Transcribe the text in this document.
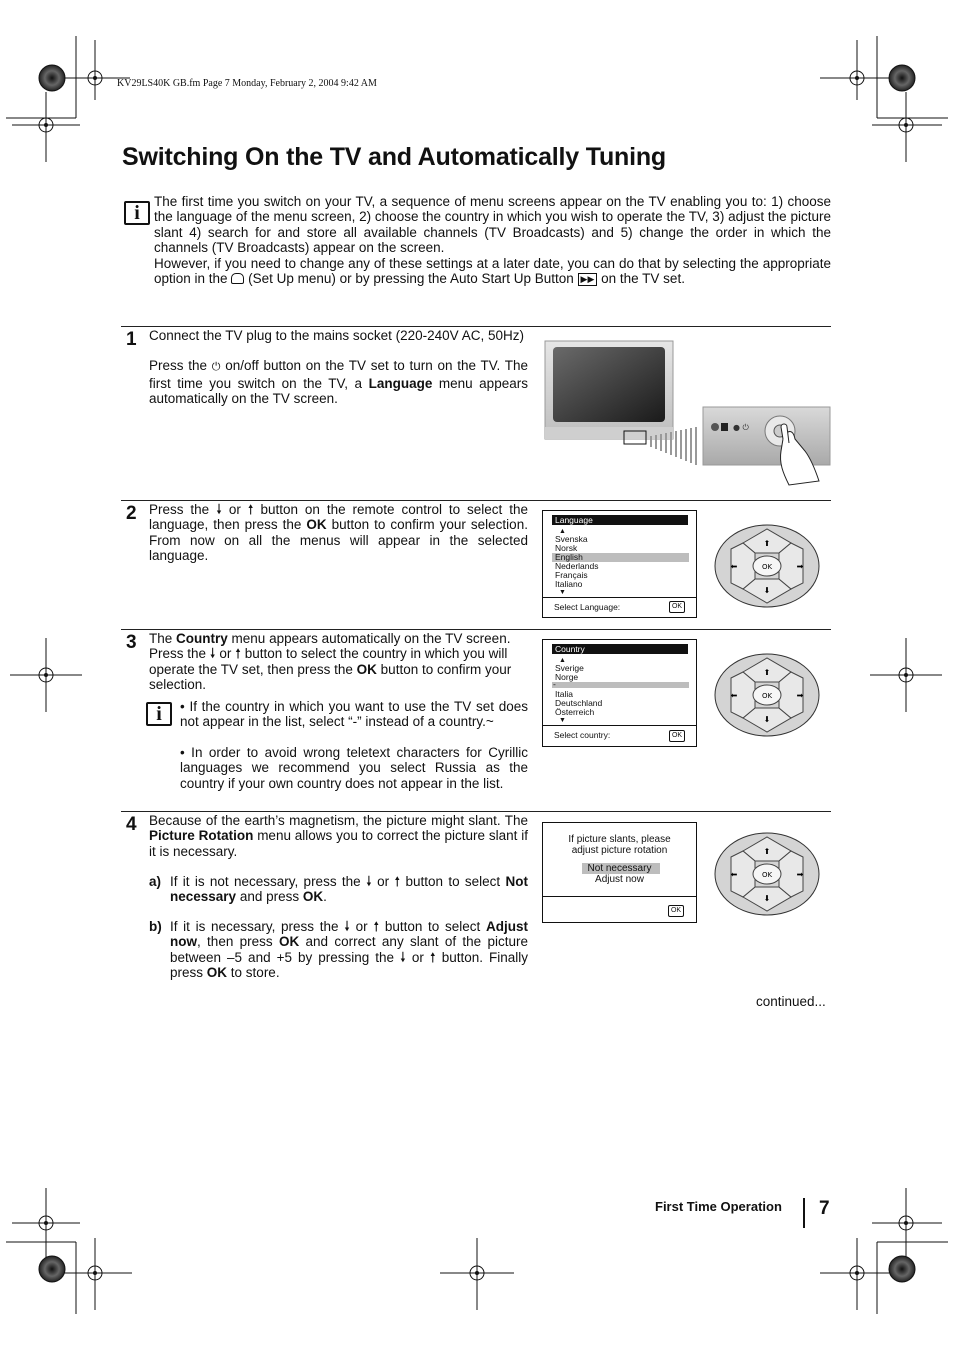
KV29LS40K GB.fm Page 7 Monday, February 2, 2004 9:42 AM
Switching On the TV and Automatically Tuning
i	The first time you switch on your TV, a sequence of menu screens appear on the TV enabling you to: 1) choose the language of the menu screen, 2) choose the country in which you wish to operate the TV, 3) adjust the picture slant 4) search for and store all available channels (TV Broadcasts) and 5) change the order in which the channels (TV Broadcasts) appear on the screen.

However, if you need to change any of these settings at a later date, you can do that by selecting the appropriate option in the (Set Up menu) or by pressing the Auto Start Up Button ▶▶ on the TV set.

1 Connect the TV plug to the mains socket (220-240V AC, 50Hz)

Press the ⏻ on/off button on the TV set to turn on the TV. The first time you switch on the TV, a Language menu appears automatically on the TV screen.

● ⏻
2 Press the 🠗 or 🠕 button on the remote control to select the language, then press the OK button to confirm your selection. From now on all the menus will appear in the selected language.

Language
▲
Svenska
Norsk
English
Nederlands
Français
Italiano
▼
Select Language:	OK
3 The Country menu appears automatically on the TV screen. Press the 🠗 or 🠕 button to select the country in which you will operate the TV set, then press the OK button to confirm your selection.

i	• If the country in which you want to use the TV set does not appear in the list, select “-” instead of a country.~
• In order to avoid wrong teletext characters for Cyrillic languages we recommend you select Russia as the country if your own country does not appear in the list.
Country
▲
Sverige
Norge
-
Italia
Deutschland
Österreich
▼
Select country:	OK
4 Because of the earth’s magnetism, the picture might slant. The Picture Rotation menu allows you to correct the picture slant if it is necessary.

a) If it is not necessary, press the 🠗 or 🠕 button to select Not necessary and press OK.

b) If it is necessary, press the 🠗 or 🠕 button to select Adjust now, then press OK and correct any slant of the picture between –5 and +5 by pressing the 🠗 or 🠕 button. Finally press OK to store.

If picture slants, please
adjust picture rotation
Not necessary
Adjust now
OK
OK
⬆
⬇
⬅	➡
OK
⬆
⬇
⬅	➡
OK
⬆
⬇
⬅	➡
continued...
First Time Operation 7
